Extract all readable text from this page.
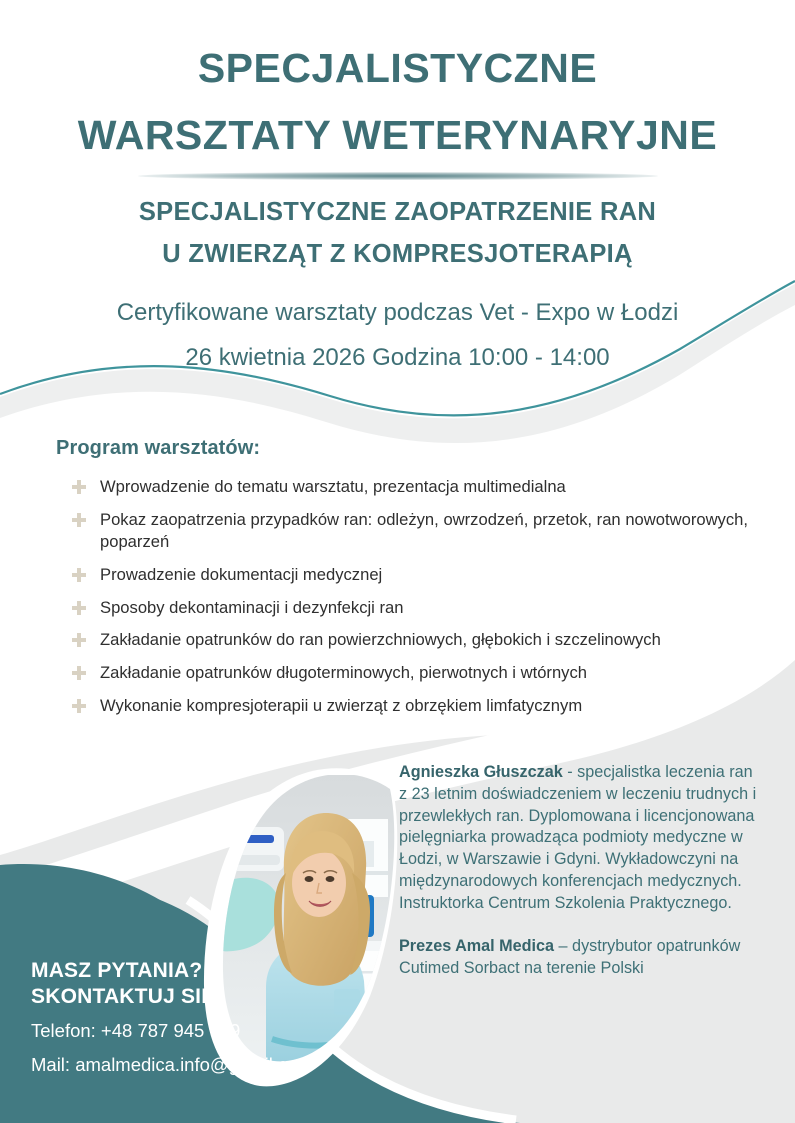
SPECJALISTYCZNE
WARSZTATY WETERYNARYJNE
SPECJALISTYCZNE ZAOPATRZENIE RAN
U ZWIERZĄT Z KOMPRESJOTERAPIĄ

Certyfikowane warsztaty podczas Vet - Expo w Łodzi

26 kwietnia 2026 Godzina 10:00 - 14:00

Program warsztatów:
Wprowadzenie do tematu warsztatu, prezentacja multimedialna
Pokaz zaopatrzenia przypadków ran: odleżyn, owrzodzeń, przetok, ran nowotworowych, poparzeń
Prowadzenie dokumentacji medycznej
Sposoby dekontaminacji i dezynfekcji ran
Zakładanie opatrunków do ran powierzchniowych, głębokich i szczelinowych
Zakładanie opatrunków długoterminowych, pierwotnych i wtórnych
Wykonanie kompresjoterapii u zwierząt z obrzękiem limfatycznym

Agnieszka Głuszczak - specjalistka leczenia ran z 23 letnim doświadczeniem w leczeniu trudnych i przewlekłych ran. Dyplomowana i licencjonowana pielęgniarka prowadząca podmioty medyczne w Łodzi, w Warszawie i Gdyni. Wykładowczyni na międzynarodowych konferencjach medycznych. Instruktorka Centrum Szkolenia Praktycznego.

Prezes Amal Medica – dystrybutor opatrunków Cutimed Sorbact na terenie Polski

MASZ PYTANIA?

SKONTAKTUJ SIĘ:

Telefon: +48 787 945 029

Mail: amalmedica.info@gmail.com
